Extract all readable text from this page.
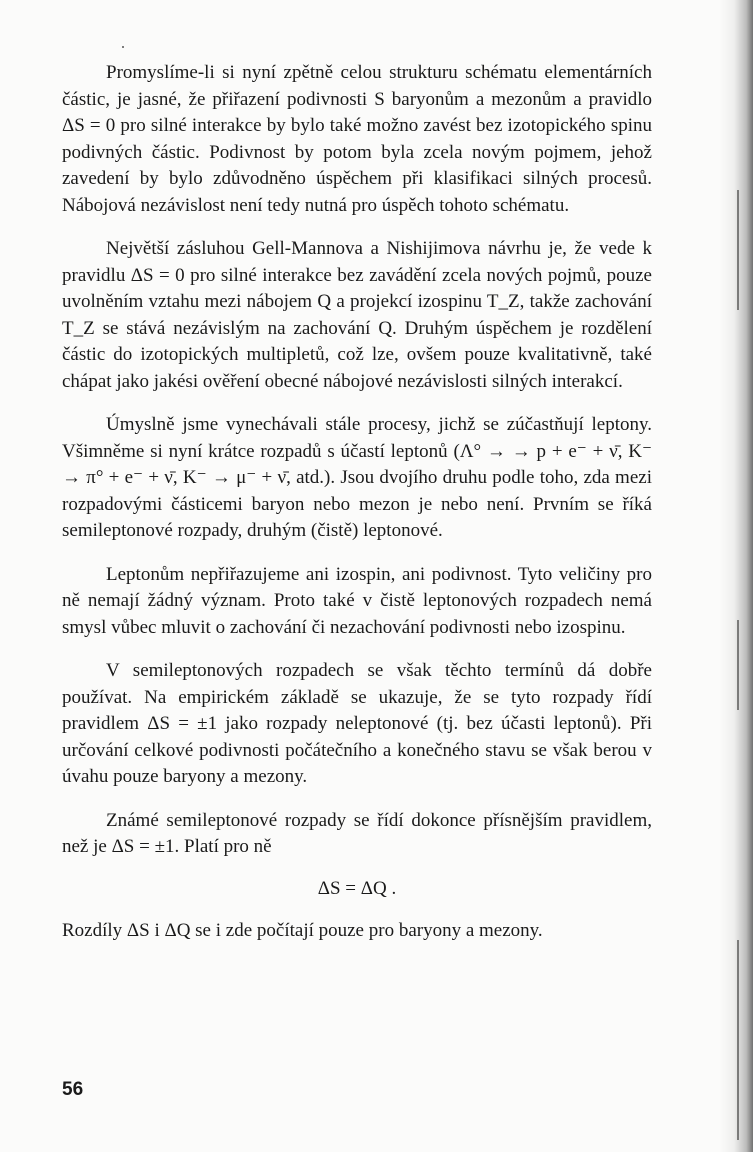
Promyslíme-li si nyní zpětně celou strukturu schématu elementárních částic, je jasné, že přiřazení podivnosti S baryonům a mezonům a pravidlo ΔS = 0 pro silné interakce by bylo také možno zavést bez izotopického spinu podivných částic. Podivnost by potom byla zcela novým pojmem, jehož zavedení by bylo zdůvodněno úspěchem při klasifikaci silných procesů. Nábojová nezávislost není tedy nutná pro úspěch tohoto schématu.

Největší zásluhou Gell-Mannova a Nishijimova návrhu je, že vede k pravidlu ΔS = 0 pro silné interakce bez zavádění zcela nových pojmů, pouze uvolněním vztahu mezi nábojem Q a projekcí izospinu T_Z, takže zachování T_Z se stává nezávislým na zachování Q. Druhým úspěchem je rozdělení částic do izotopických multipletů, což lze, ovšem pouze kvalitativně, také chápat jako jakési ověření obecné nábojové nezávislosti silných interakcí.

Úmyslně jsme vynechávali stále procesy, jichž se zúčastňují leptony. Všimněme si nyní krátce rozpadů s účastí leptonů (Λ° → → p + e⁻ + ν̄, K⁻ → π° + e⁻ + ν̄, K⁻ → μ⁻ + ν̄, atd.). Jsou dvojího druhu podle toho, zda mezi rozpadovými částicemi baryon nebo mezon je nebo není. Prvním se říká semileptonové rozpady, druhým (čistě) leptonové.

Leptonům nepřiřazujeme ani izospin, ani podivnost. Tyto veličiny pro ně nemají žádný význam. Proto také v čistě leptonových rozpadech nemá smysl vůbec mluvit o zachování či nezachování podivnosti nebo izospinu.

V semileptonových rozpadech se však těchto termínů dá dobře používat. Na empirickém základě se ukazuje, že se tyto rozpady řídí pravidlem ΔS = ±1 jako rozpady neleptonové (tj. bez účasti leptonů). Při určování celkové podivnosti počátečního a konečného stavu se však berou v úvahu pouze baryony a mezony.

Známé semileptonové rozpady se řídí dokonce přísnějším pravidlem, než je ΔS = ±1. Platí pro ně

ΔS = ΔQ .

Rozdíly ΔS i ΔQ se i zde počítají pouze pro baryony a mezony.

56
